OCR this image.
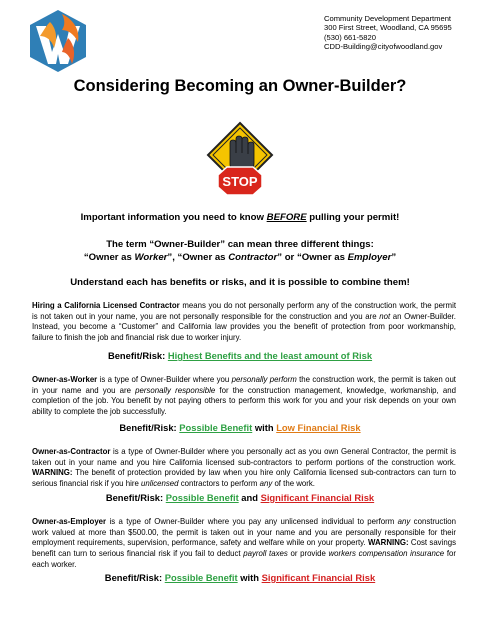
Community Development Department
300 First Street, Woodland, CA 95695
(530) 661-5820
CDD-Building@cityofwoodland.gov
Considering Becoming an Owner-Builder?
STOP
Important information you need to know BEFORE pulling your permit!
The term “Owner-Builder” can mean three different things:
“Owner as Worker”, “Owner as Contractor” or “Owner as Employer”
Understand each has benefits or risks, and it is possible to combine them!
Hiring a California Licensed Contractor means you do not personally perform any of the construction work, the permit is not taken out in your name, you are not personally responsible for the construction and you are not an Owner-Builder. Instead, you become a “Customer” and California law provides you the benefit of protection from poor workmanship, failure to finish the job and financial risk due to worker injury.
Benefit/Risk: Highest Benefits and the least amount of Risk
Owner-as-Worker is a type of Owner-Builder where you personally perform the construction work, the permit is taken out in your name and you are personally responsible for the construction management, knowledge, workmanship, and completion of the job. You benefit by not paying others to perform this work for you and your risk depends on your own ability to complete the job successfully.
Benefit/Risk: Possible Benefit with Low Financial Risk
Owner-as-Contractor is a type of Owner-Builder where you personally act as you own General Contractor, the permit is taken out in your name and you hire California licensed sub-contractors to perform portions of the construction work. WARNING: The benefit of protection provided by law when you hire only California licensed sub-contractors can turn to serious financial risk if you hire unlicensed contractors to perform any of the work.
Benefit/Risk: Possible Benefit and Significant Financial Risk
Owner-as-Employer is a type of Owner-Builder where you pay any unlicensed individual to perform any construction work valued at more than $500.00, the permit is taken out in your name and you are personally responsible for their employment requirements, supervision, performance, safety and welfare while on your property. WARNING: Cost savings benefit can turn to serious financial risk if you fail to deduct payroll taxes or provide workers compensation insurance for each worker.
Benefit/Risk: Possible Benefit with Significant Financial Risk
